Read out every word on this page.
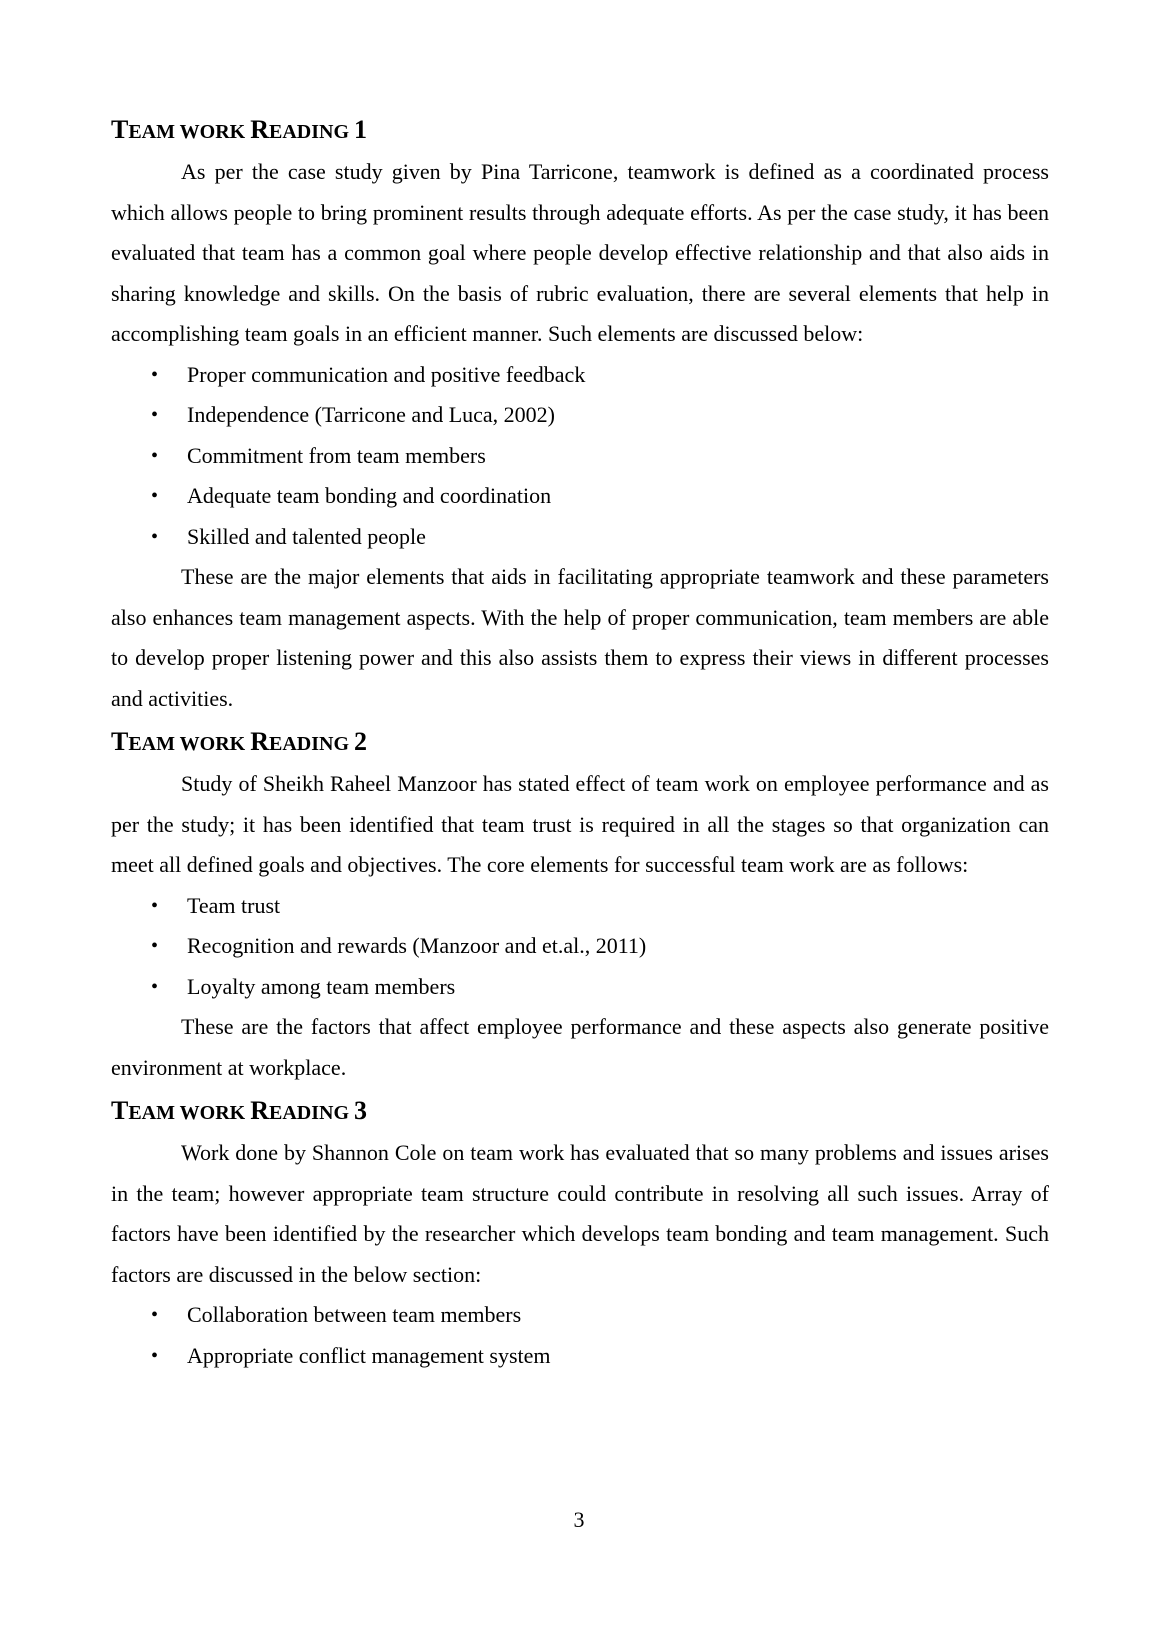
TEAM WORK READING 1

As per the case study given by Pina Tarricone, teamwork is defined as a coordinated process which allows people to bring prominent results through adequate efforts. As per the case study, it has been evaluated that team has a common goal where people develop effective relationship and that also aids in sharing knowledge and skills. On the basis of rubric evaluation, there are several elements that help in accomplishing team goals in an efficient manner. Such elements are discussed below:

• Proper communication and positive feedback
• Independence (Tarricone and Luca, 2002)
• Commitment from team members
• Adequate team bonding and coordination
• Skilled and talented people

These are the major elements that aids in facilitating appropriate teamwork and these parameters also enhances team management aspects. With the help of proper communication, team members are able to develop proper listening power and this also assists them to express their views in different processes and activities.

TEAM WORK READING 2

Study of Sheikh Raheel Manzoor has stated effect of team work on employee performance and as per the study; it has been identified that team trust is required in all the stages so that organization can meet all defined goals and objectives. The core elements for successful team work are as follows:

• Team trust
• Recognition and rewards (Manzoor and et.al., 2011)
• Loyalty among team members

These are the factors that affect employee performance and these aspects also generate positive environment at workplace.

TEAM WORK READING 3

Work done by Shannon Cole on team work has evaluated that so many problems and issues arises in the team; however appropriate team structure could contribute in resolving all such issues. Array of factors have been identified by the researcher which develops team bonding and team management. Such factors are discussed in the below section:

• Collaboration between team members
• Appropriate conflict management system
3
